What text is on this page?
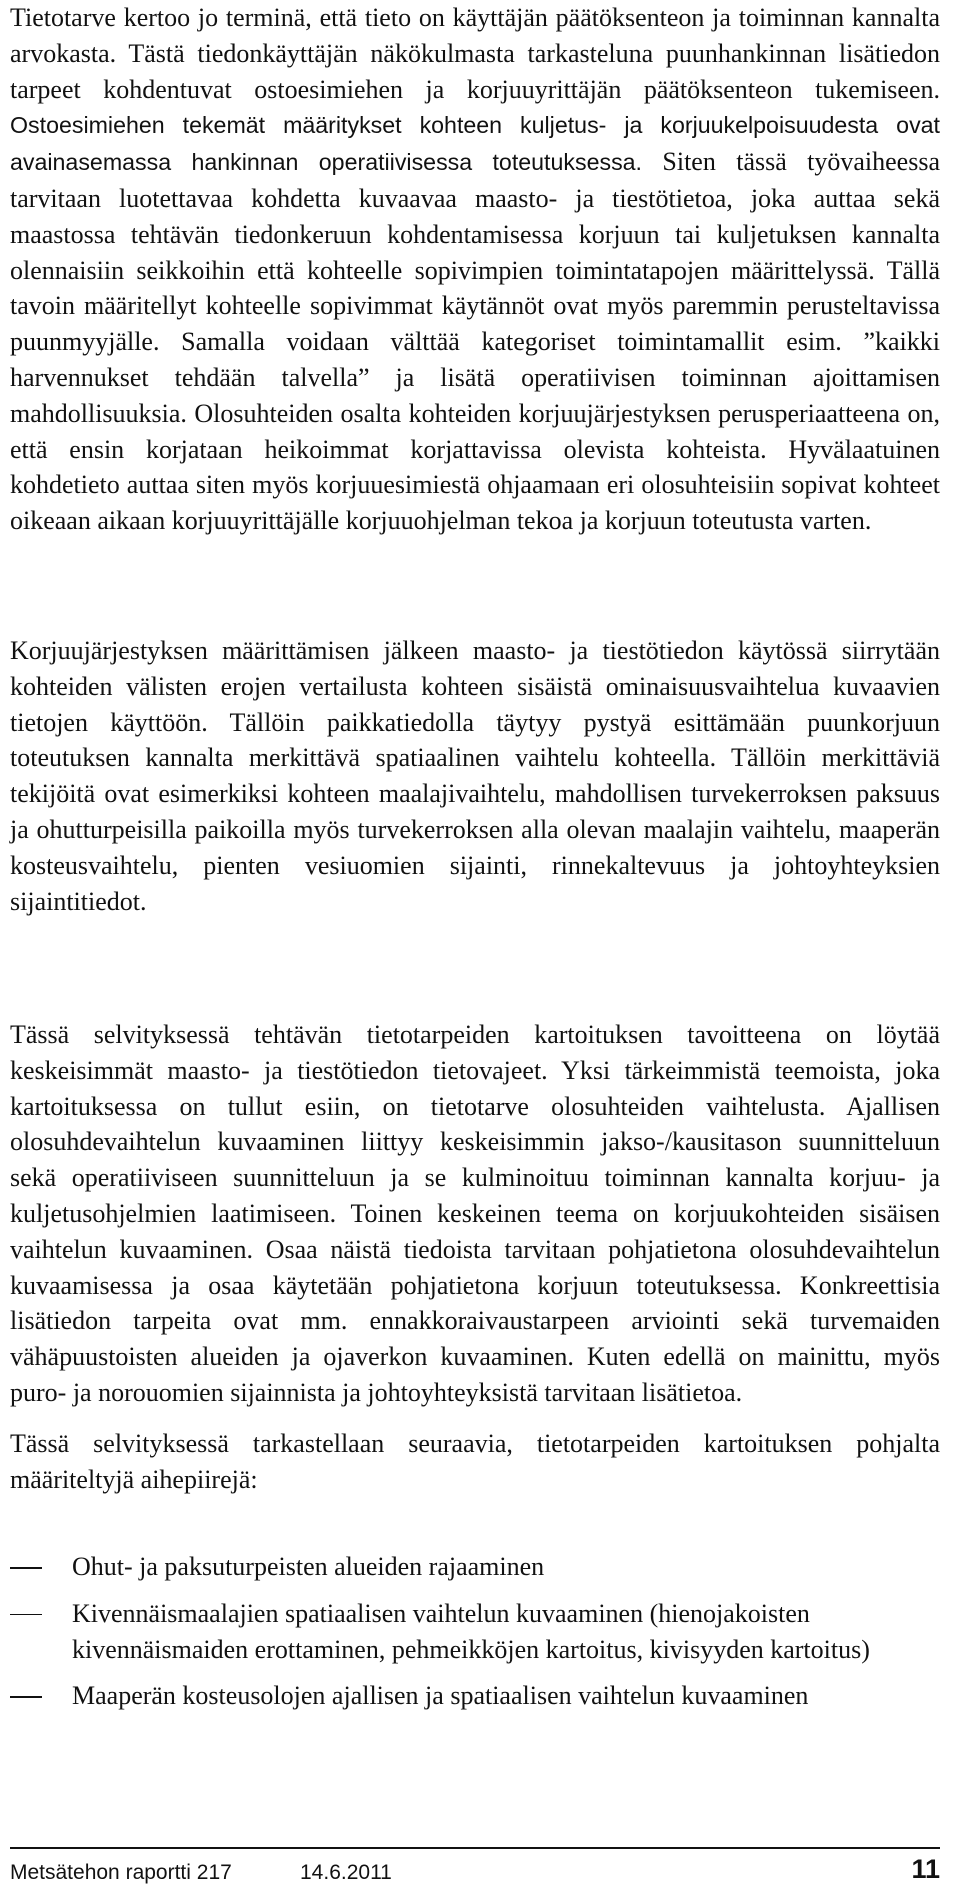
Tietotarve kertoo jo terminä, että tieto on käyttäjän päätöksenteon ja toiminnan kannalta arvokasta. Tästä tiedonkäyttäjän näkökulmasta tarkasteluna puunhankinnan lisätiedon tarpeet kohdentuvat ostoesimiehen ja korjuuyrittäjän päätöksenteon tukemiseen. Ostoesimiehen tekemät määritykset kohteen kuljetus- ja korjuukelpoisuudesta ovat avainasemassa hankinnan operatiivisessa toteutuksessa. Siten tässä työvaiheessa tarvitaan luotettavaa kohdetta kuvaavaa maasto- ja tiestötietoa, joka auttaa sekä maastossa tehtävän tiedonkeruun kohdentamisessa korjuun tai kuljetuksen kannalta olennaisiin seikkoihin että kohteelle sopivimpien toimintatapojen määrittelyssä. Tällä tavoin määritellyt kohteelle sopivimmat käytännöt ovat myös paremmin perusteltavissa puunmyyjälle. Samalla voidaan välttää kategoriset toimintamallit esim. ”kaikki harvennukset tehdään talvella” ja lisätä operatiivisen toiminnan ajoittamisen mahdollisuuksia. Olosuhteiden osalta kohteiden korjuujärjestyksen perusperiaatteena on, että ensin korjataan heikoimmat korjattavissa olevista kohteista. Hyvälaatuinen kohdetieto auttaa siten myös korjuuesimiestä ohjaamaan eri olosuhteisiin sopivat kohteet oikeaan aikaan korjuuyrittäjälle korjuuohjelman tekoa ja korjuun toteutusta varten.

Korjuujärjestyksen määrittämisen jälkeen maasto- ja tiestötiedon käytössä siirrytään kohteiden välisten erojen vertailusta kohteen sisäistä ominaisuusvaihtelua kuvaavien tietojen käyttöön. Tällöin paikkatiedolla täytyy pystyä esittämään puunkorjuun toteutuksen kannalta merkittävä spatiaalinen vaihtelu kohteella. Tällöin merkittäviä tekijöitä ovat esimerkiksi kohteen maalajivaihtelu, mahdollisen turvekerroksen paksuus ja ohutturpeisilla paikoilla myös turvekerroksen alla olevan maalajin vaihtelu, maaperän kosteusvaihtelu, pienten vesiuomien sijainti, rinnekaltevuus ja johtoyhteyksien sijaintitiedot.

Tässä selvityksessä tehtävän tietotarpeiden kartoituksen tavoitteena on löytää keskeisimmät maasto- ja tiestötiedon tietovajeet. Yksi tärkeimmistä teemoista, joka kartoituksessa on tullut esiin, on tietotarve olosuhteiden vaihtelusta. Ajallisen olosuhdevaihtelun kuvaaminen liittyy keskeisimmin jakso-/kausitason suunnitteluun sekä operatiiviseen suunnitteluun ja se kulminoituu toiminnan kannalta korjuu- ja kuljetusohjelmien laatimiseen. Toinen keskeinen teema on korjuukohteiden sisäisen vaihtelun kuvaaminen. Osaa näistä tiedoista tarvitaan pohjatietona olosuhdevaihtelun kuvaamisessa ja osaa käytetään pohjatietona korjuun toteutuksessa. Konkreettisia lisätiedon tarpeita ovat mm. ennakkoraivaustarpeen arviointi sekä turvemaiden vähäpuustoisten alueiden ja ojaverkon kuvaaminen. Kuten edellä on mainittu, myös puro- ja norouomien sijainnista ja johtoyhteyksistä tarvitaan lisätietoa.

Tässä selvityksessä tarkastellaan seuraavia, tietotarpeiden kartoituksen pohjalta määriteltyjä aihepiirejä:

Ohut- ja paksuturpeisten alueiden rajaaminen
Kivennäismaalajien spatiaalisen vaihtelun kuvaaminen (hienojakoisten kivennäismaiden erottaminen, pehmeikköjen kartoitus, kivisyyden kartoitus)
Maaperän kosteusolojen ajallisen ja spatiaalisen vaihtelun kuvaaminen
Metsätehon raportti 217	14.6.2011	11
